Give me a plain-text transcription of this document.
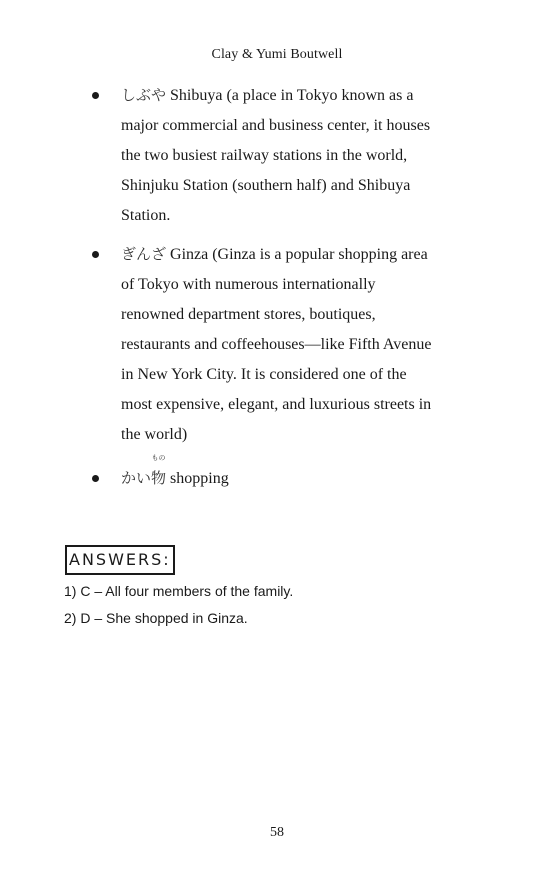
Clay & Yumi Boutwell
しぶや Shibuya (a place in Tokyo known as a
major commercial and business center, it houses
the two busiest railway stations in the world,
Shinjuku Station (southern half) and Shibuya
Station.
ぎんざ Ginza (Ginza is a popular shopping area
of Tokyo with numerous internationally
renowned department stores, boutiques,
restaurants and coffeehouses—like Fifth Avenue
in New York City. It is considered one of the
most expensive, elegant, and luxurious streets in
the world)
かい物
もの
shopping
ANSWERS:
1) C – All four members of the family.
2) D – She shopped in Ginza.
58
